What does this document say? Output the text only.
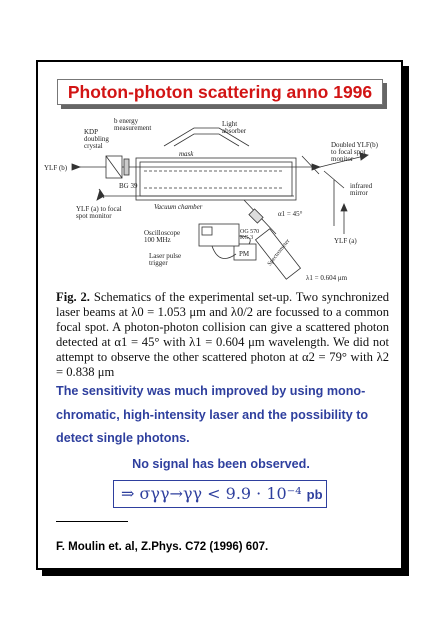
Photon-photon scattering anno 1996
KDP
doubling
crystal
b energy
measurement	Light
absorber
Doubled YLF(b)
to focal spot
monitor
YLF (b)
mask
BG 39
Vacuum chamber
infrared
mirror
YLF (a) to focal
spot monitor	α1 = 45°
OG 570
KG 3	YLF (a)
Oscilloscope
100 MHz
Laser pulse
trigger
PM	Spectrometer
λ1 = 0.604 μm
Fig. 2. Schematics of the experimental set-up. Two synchronized laser beams at λ0 = 1.053 μm and λ0/2 are focussed to a common focal spot. A photon-photon collision can give a scattered photon detected at α1 = 45° with λ1 = 0.604 μm wavelength. We did not attempt to observe the other scattered photon at α2 = 79° with λ2 = 0.838 μm
The sensitivity was much improved by using mono-
chromatic, high-intensity laser and the possibility to
detect single photons.
No signal has been observed.
⇒ σγγ→γγ < 9.9 · 10⁻⁴ pb
F. Moulin et. al, Z.Phys. C72 (1996) 607.
